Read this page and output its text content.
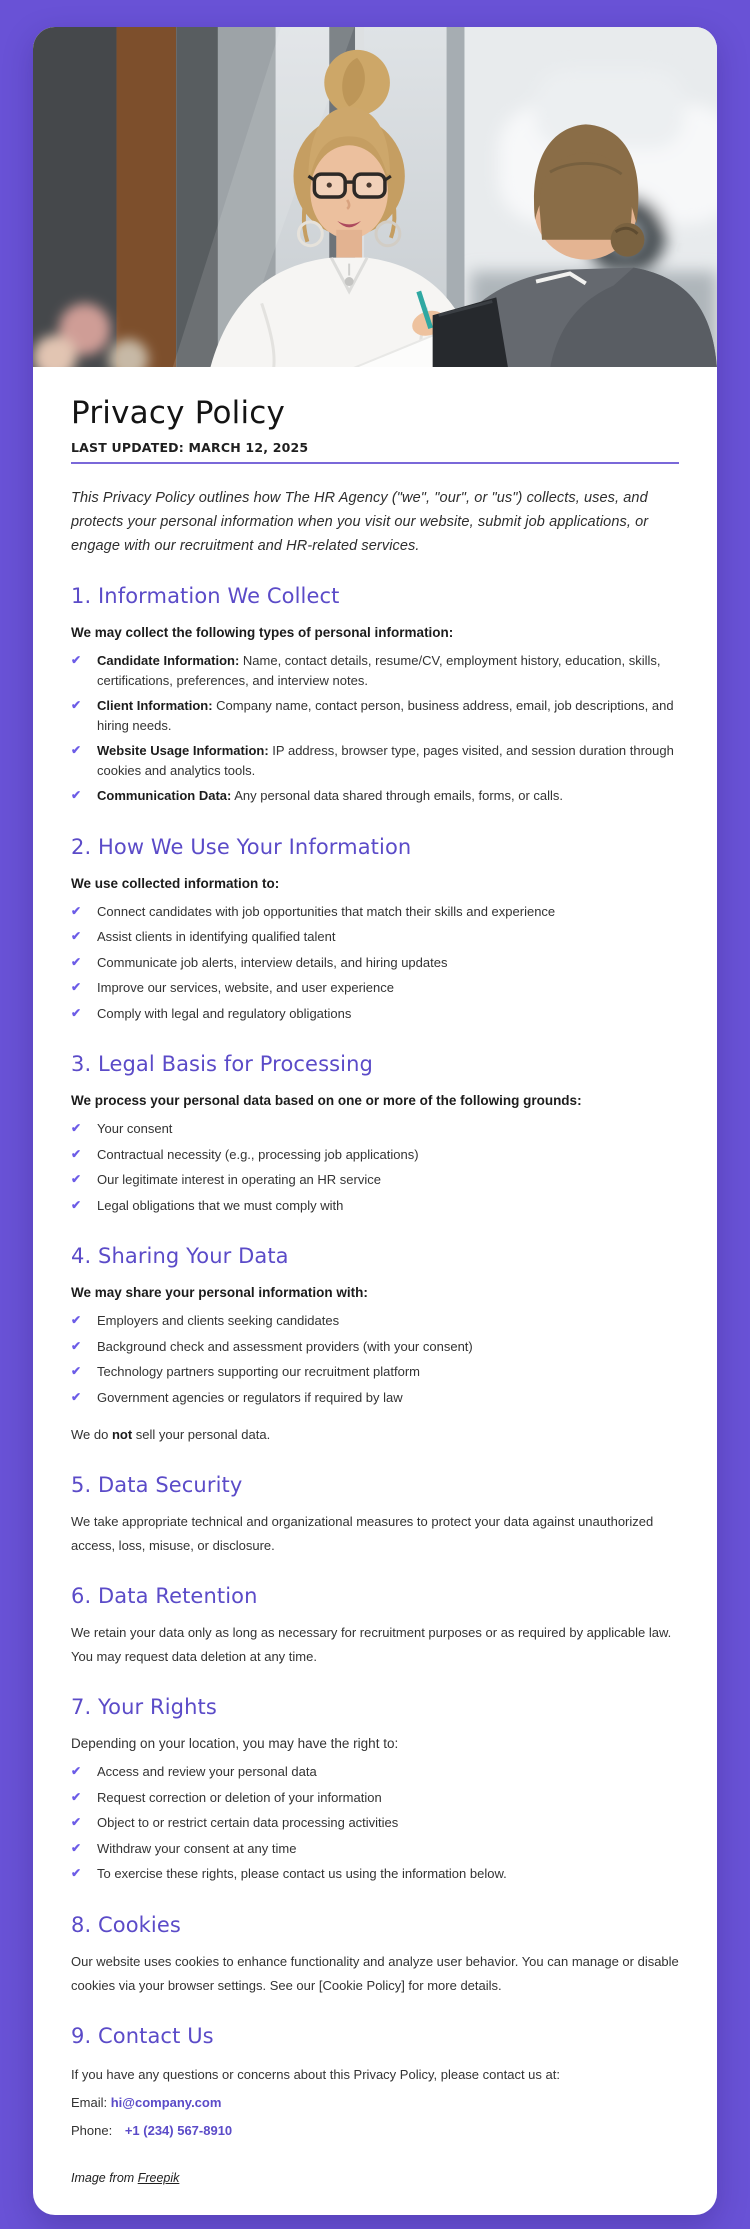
Privacy Policy
LAST UPDATED: MARCH 12, 2025

This Privacy Policy outlines how The HR Agency ("we", "our", or "us") collects, uses, and protects your personal information when you visit our website, submit job applications, or engage with our recruitment and HR-related services.

1. Information We Collect

We may collect the following types of personal information:

✔	Candidate Information: Name, contact details, resume/CV, employment history, education, skills, certifications, preferences, and interview notes.
✔	Client Information: Company name, contact person, business address, email, job descriptions, and hiring needs.
✔	Website Usage Information: IP address, browser type, pages visited, and session duration through cookies and analytics tools.
✔	Communication Data: Any personal data shared through emails, forms, or calls.
2. How We Use Your Information

We use collected information to:

✔	Connect candidates with job opportunities that match their skills and experience
✔	Assist clients in identifying qualified talent
✔	Communicate job alerts, interview details, and hiring updates
✔	Improve our services, website, and user experience
✔	Comply with legal and regulatory obligations
3. Legal Basis for Processing

We process your personal data based on one or more of the following grounds:

✔	Your consent
✔	Contractual necessity (e.g., processing job applications)
✔	Our legitimate interest in operating an HR service
✔	Legal obligations that we must comply with
4. Sharing Your Data

We may share your personal information with:

✔	Employers and clients seeking candidates
✔	Background check and assessment providers (with your consent)
✔	Technology partners supporting our recruitment platform
✔	Government agencies or regulators if required by law

We do not sell your personal data.

5. Data Security

We take appropriate technical and organizational measures to protect your data against unauthorized access, loss, misuse, or disclosure.

6. Data Retention

We retain your data only as long as necessary for recruitment purposes or as required by applicable law. You may request data deletion at any time.

7. Your Rights

Depending on your location, you may have the right to:

✔	Access and review your personal data
✔	Request correction or deletion of your information
✔	Object to or restrict certain data processing activities
✔	Withdraw your consent at any time
✔	To exercise these rights, please contact us using the information below.
8. Cookies

Our website uses cookies to enhance functionality and analyze user behavior. You can manage or disable cookies via your browser settings. See our [Cookie Policy] for more details.

9. Contact Us

If you have any questions or concerns about this Privacy Policy, please contact us at:

Email: hi@company.com

Phone: +1 (234) 567-8910

Image from Freepik
